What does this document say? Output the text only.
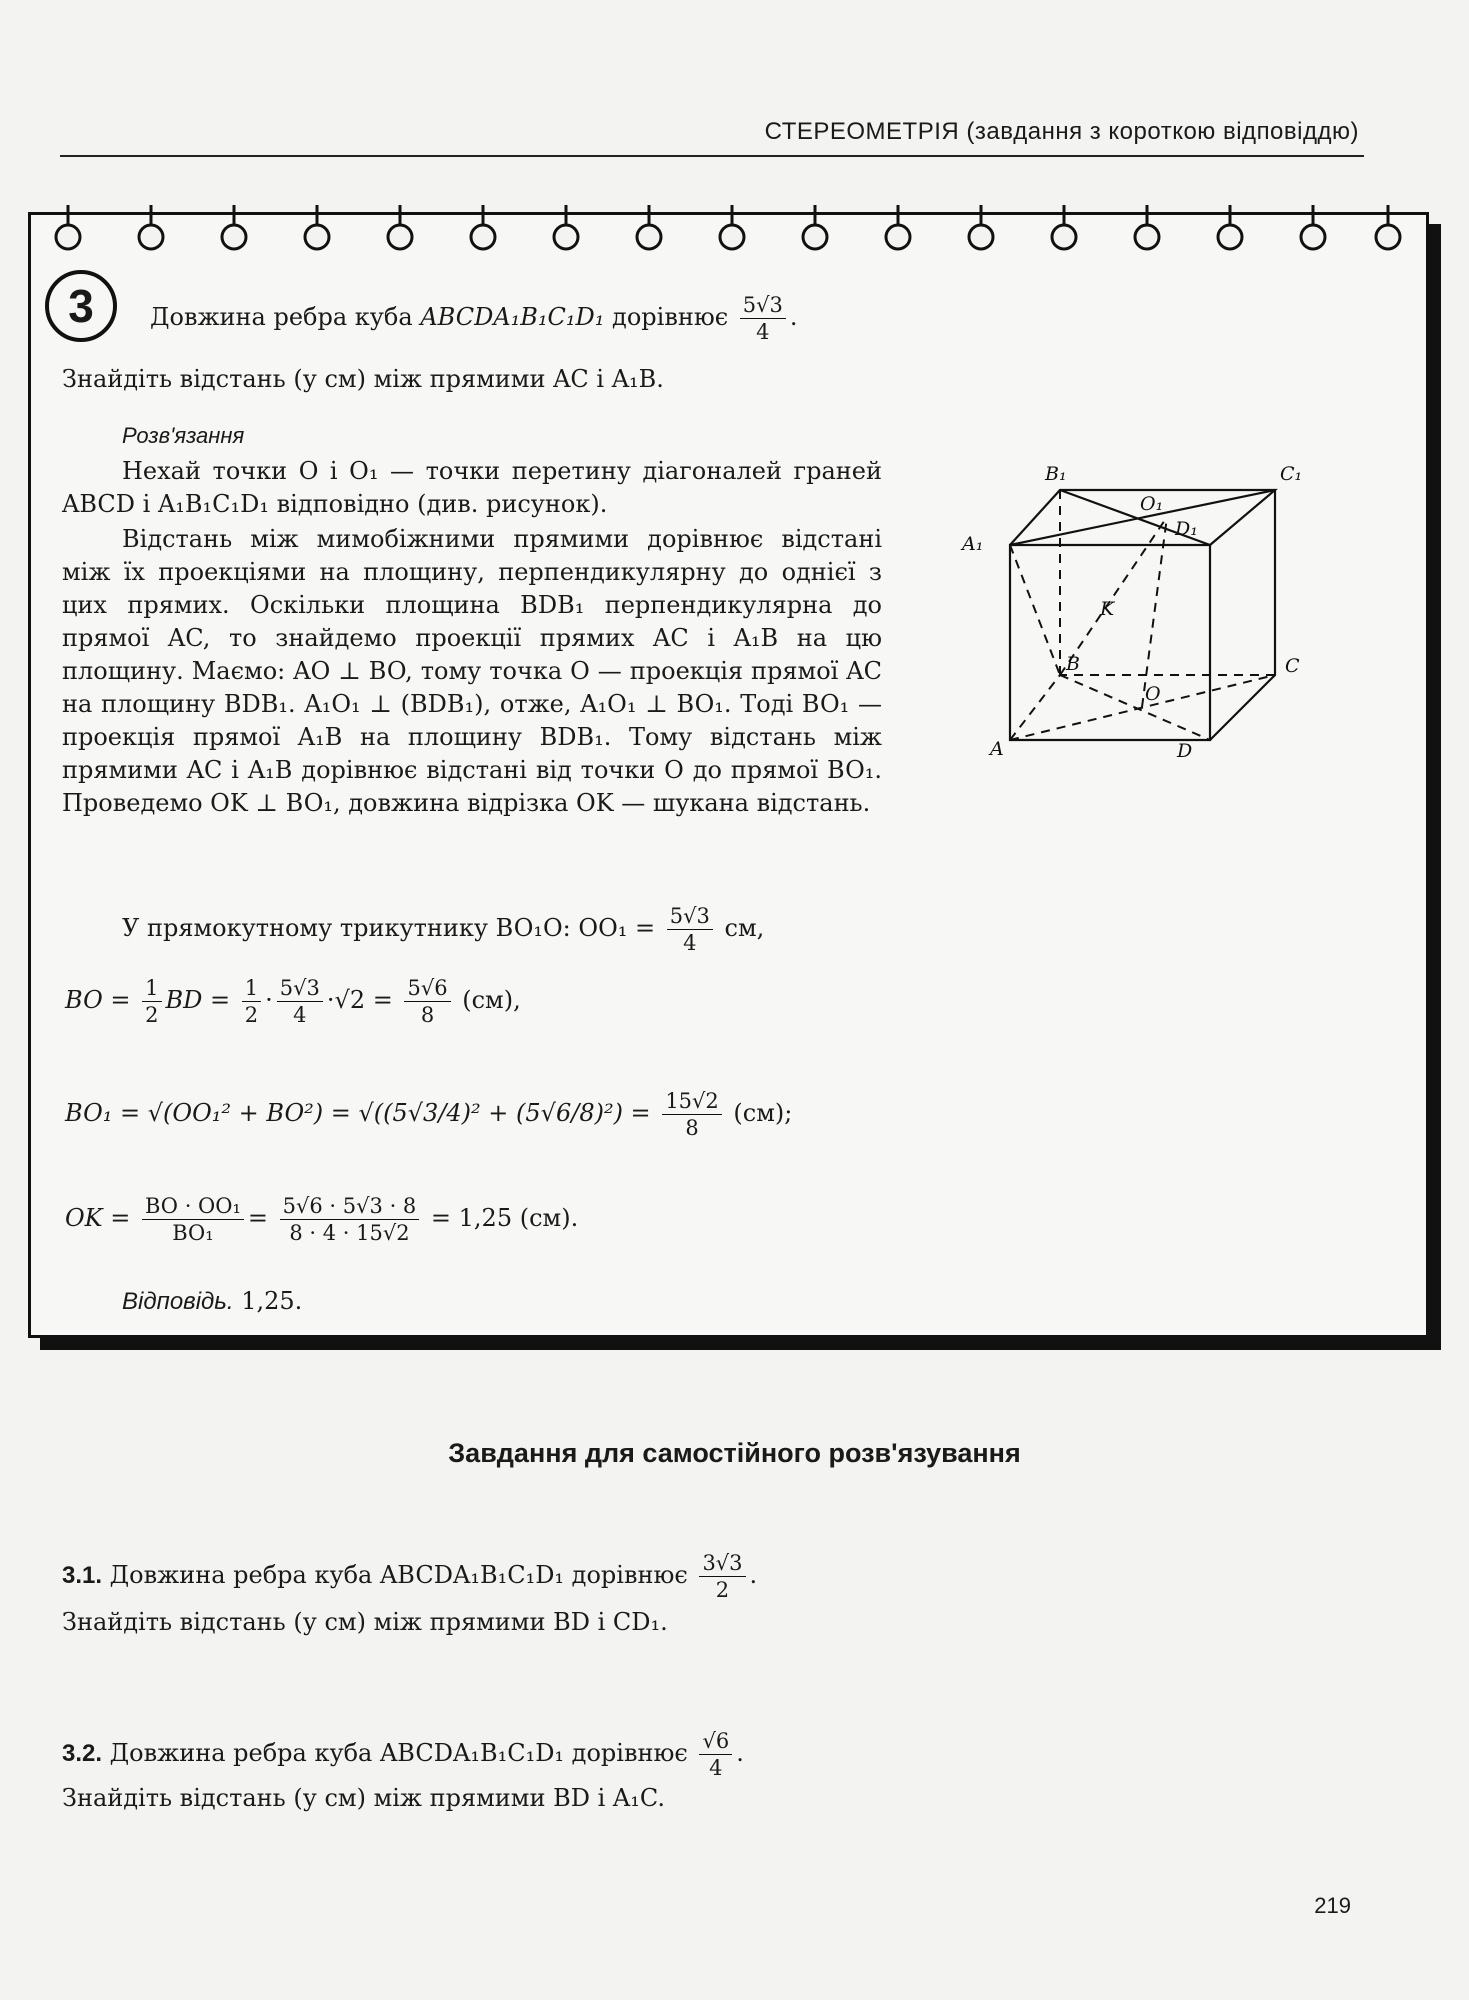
СТЕРЕОМЕТРІЯ (завдання з короткою відповіддю)
3	Довжина ребра куба ABCDA₁B₁C₁D₁ дорівнює $\frac{5√3}{4}$ .
Знайдіть відстань (у см) між прямими AC і A₁B.
Розв'язання
Нехай точки O і O₁ — точки перетину діагоналей граней ABCD і A₁B₁C₁D₁ відповідно (див. рисунок).
Відстань між мимобіжними прямими дорівнює відстані між їх проекціями на площину, перпендикулярну до однієї з цих прямих. Оскільки площина BDB₁ перпендикулярна до прямої AC, то знайдемо проекції прямих AC і A₁B на цю площину. Маємо: AO ⊥ BO, тому точка O — проекція прямої AC на площину BDB₁. A₁O₁ ⊥ (BDB₁), отже, A₁O₁ ⊥ BO₁. Тоді BO₁ — проекція прямої A₁B на площину BDB₁. Тому відстань між прямими AC і A₁B дорівнює відстані від точки O до прямої BO₁. Проведемо OK ⊥ BO₁, довжина відрізка OK — шукана відстань.
A₁
B₁	C₁
D₁
O₁
K
B	C
O
A	D
У прямокутному трикутнику BO₁O: $OO_1 = \frac{5√3}{4}$ см,
BO = $\frac{1}{2}$ BD = $\frac{1}{2} \cdot \frac{5√3}{4} \cdot√2 = \frac{5√6}{8} (см)$,
$BO_1 = √(OO_1^2 + BO^2) = √((5√3/4)^2 + (5√6/8)^2) = \frac{15√2}{8} (см)$;
OK = $\frac{\text{BO · OO₁}}{\text{BO₁}} = \frac{5√6 \cdot 5√3 \cdot 8}{8 \cdot 4 \cdot 15√2} = 1,25$ (см).
Відповідь. 1,25.
Завдання для самостійного розв'язування
3.1. Довжина ребра куба ABCDA₁B₁C₁D₁ дорівнює $\frac{3√3}{2}$ .
Знайдіть відстань (у см) між прямими BD і CD₁.
3.2. Довжина ребра куба ABCDA₁B₁C₁D₁ дорівнює $\frac{√6}{4}$ .
Знайдіть відстань (у см) між прямими BD і A₁C.
219
